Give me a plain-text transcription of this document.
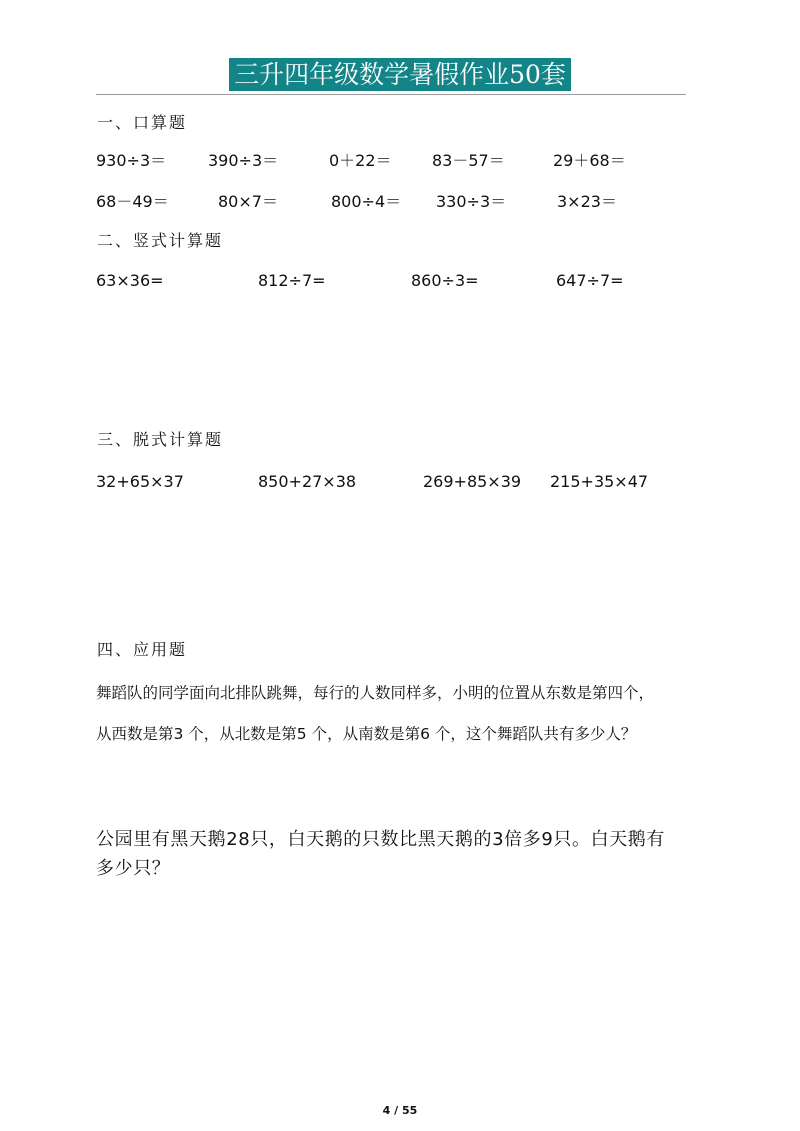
三升四年级数学暑假作业50套
一、口算题
930÷3＝	390÷3＝	0＋22＝	83－57＝	29＋68＝
68－49＝	80×7＝	800÷4＝ 330÷3＝	3×23＝
二、竖式计算题
63×36=	812÷7=	860÷3=	647÷7=
三、脱式计算题
32+65×37	850+27×38	269+85×39 215+35×47
四、应用题
舞蹈队的同学面向北排队跳舞，每行的人数同样多，小明的位置从东数是第四个，
从西数是第3 个，从北数是第5 个，从南数是第6 个，这个舞蹈队共有多少人？
公园里有黑天鹅28只，白天鹅的只数比黑天鹅的3倍多9只。白天鹅有
多少只？
4 / 55
